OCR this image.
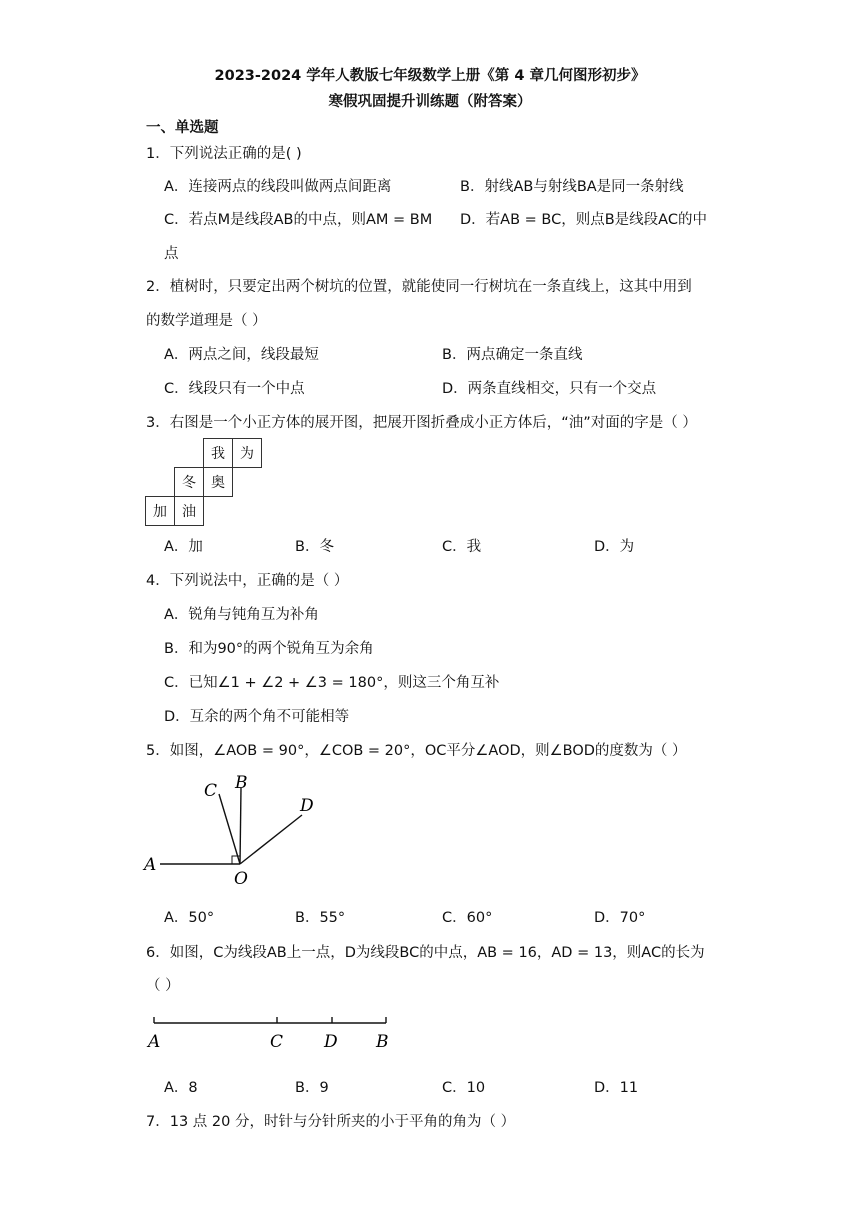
2023-2024 学年人教版七年级数学上册《第 4 章几何图形初步》
寒假巩固提升训练题（附答案）
一、单选题
1．下列说法正确的是( )
A．连接两点的线段叫做两点间距离	B．射线AB与射线BA是同一条射线
C．若点M是线段AB的中点，则AM = BM D．若AB = BC，则点B是线段AC的中
点
2．植树时，只要定出两个树坑的位置，就能使同一行树坑在一条直线上，这其中用到
的数学道理是（ ）
A．两点之间，线段最短	B．两点确定一条直线
C．线段只有一个中点	D．两条直线相交，只有一个交点
3．右图是一个小正方体的展开图，把展开图折叠成小正方体后，“油”对面的字是（ ）
		我	为
	冬	奥	
加	油		
A．加	B．冬	C．我	D．为
4．下列说法中，正确的是（ ）
A．锐角与钝角互为补角
B．和为90°的两个锐角互为余角
C．已知∠1 + ∠2 + ∠3 = 180°，则这三个角互补
D．互余的两个角不可能相等
5．如图，∠AOB = 90°，∠COB = 20°，OC平分∠AOD，则∠BOD的度数为（ ）
A
B
C
D
O
A．50°	B．55°	C．60°	D．70°
6．如图，C为线段AB上一点，D为线段BC的中点，AB = 16，AD = 13，则AC的长为
（ ）
A	C D B
A．8	B．9	C．10	D．11
7．13 点 20 分，时针与分针所夹的小于平角的角为（ ）
